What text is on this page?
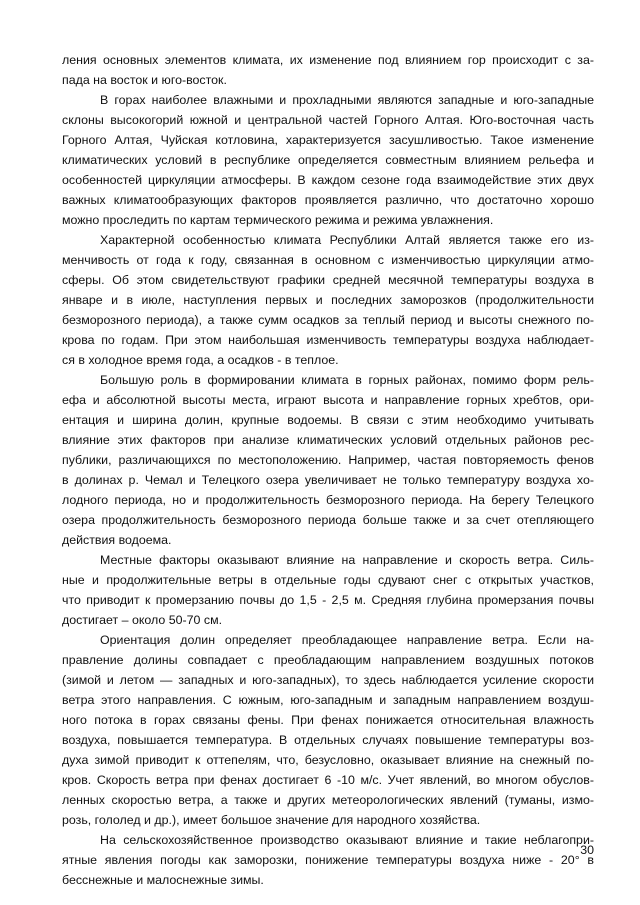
ления основных элементов климата, их изменение под влиянием гор происходит с за-
пада на восток и юго-восток.
В горах наиболее влажными и прохладными являются западные и юго-западные
склоны высокогорий южной и центральной частей Горного Алтая. Юго-восточная часть
Горного Алтая, Чуйская котловина, характеризуется засушливостью. Такое изменение
климатических условий в республике определяется совместным влиянием рельефа и
особенностей циркуляции атмосферы. В каждом сезоне года взаимодействие этих двух
важных климатообразующих факторов проявляется различно, что достаточно хорошо
можно проследить по картам термического режима и режима увлажнения.
Характерной особенностью климата Республики Алтай является также его из-
менчивость от года к году, связанная в основном с изменчивостью циркуляции атмо-
сферы. Об этом свидетельствуют графики средней месячной температуры воздуха в
январе и в июле, наступления первых и последних заморозков (продолжительности
безморозного периода), а также сумм осадков за теплый период и высоты снежного по-
крова по годам. При этом наибольшая изменчивость температуры воздуха наблюдает-
ся в холодное время года, а осадков - в теплое.
Большую роль в формировании климата в горных районах, помимо форм рель-
ефа и абсолютной высоты места, играют высота и направление горных хребтов, ори-
ентация и ширина долин, крупные водоемы. В связи с этим необходимо учитывать
влияние этих факторов при анализе климатических условий отдельных районов рес-
публики, различающихся по местоположению. Например, частая повторяемость фенов
в долинах р. Чемал и Телецкого озера увеличивает не только температуру воздуха хо-
лодного периода, но и продолжительность безморозного периода. На берегу Телецкого
озера продолжительность безморозного периода больше также и за счет отепляющего
действия водоема.
Местные факторы оказывают влияние на направление и скорость ветра. Силь-
ные и продолжительные ветры в отдельные годы сдувают снег с открытых участков,
что приводит к промерзанию почвы до 1,5 - 2,5 м. Средняя глубина промерзания почвы
достигает – около 50-70 см.
Ориентация долин определяет преобладающее направление ветра. Если на-
правление долины совпадает с преобладающим направлением воздушных потоков
(зимой и летом — западных и юго-западных), то здесь наблюдается усиление скорости
ветра этого направления. С южным, юго-западным и западным направлением воздуш-
ного потока в горах связаны фены. При фенах понижается относительная влажность
воздуха, повышается температура. В отдельных случаях повышение температуры воз-
духа зимой приводит к оттепелям, что, безусловно, оказывает влияние на снежный по-
кров. Скорость ветра при фенах достигает 6 -10 м/с. Учет явлений, во многом обуслов-
ленных скоростью ветра, а также и других метеорологических явлений (туманы, измо-
розь, гололед и др.), имеет большое значение для народного хозяйства.
На сельскохозяйственное производство оказывают влияние и такие неблагопри-
ятные явления погоды как заморозки, понижение температуры воздуха ниже - 20° в
бесснежные и малоснежные зимы.
30
